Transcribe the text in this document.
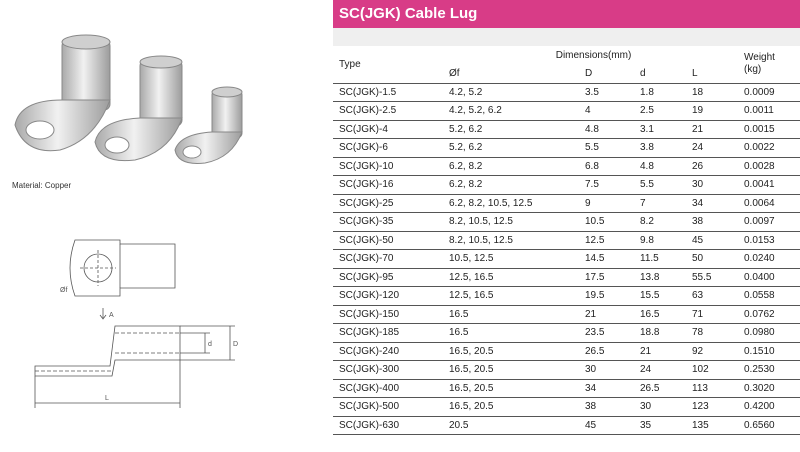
Material: Copper
Øf
A
d	D
L
SC(JGK) Cable Lug
Type	Dimensions(mm)				Weight
(kg)
	Øf	D	d	L	
SC(JGK)-1.5	4.2, 5.2	3.5	1.8	18	0.0009
SC(JGK)-2.5	4.2, 5.2, 6.2	4	2.5	19	0.0011
SC(JGK)-4	5.2, 6.2	4.8	3.1	21	0.0015
SC(JGK)-6	5.2, 6.2	5.5	3.8	24	0.0022
SC(JGK)-10	6.2, 8.2	6.8	4.8	26	0.0028
SC(JGK)-16	6.2, 8.2	7.5	5.5	30	0.0041
SC(JGK)-25	6.2, 8.2, 10.5, 12.5	9	7	34	0.0064
SC(JGK)-35	8.2, 10.5, 12.5	10.5	8.2	38	0.0097
SC(JGK)-50	8.2, 10.5, 12.5	12.5	9.8	45	0.0153
SC(JGK)-70	10.5, 12.5	14.5	11.5	50	0.0240
SC(JGK)-95	12.5, 16.5	17.5	13.8	55.5	0.0400
SC(JGK)-120	12.5, 16.5	19.5	15.5	63	0.0558
SC(JGK)-150	16.5	21	16.5	71	0.0762
SC(JGK)-185	16.5	23.5	18.8	78	0.0980
SC(JGK)-240	16.5, 20.5	26.5	21	92	0.1510
SC(JGK)-300	16.5, 20.5	30	24	102	0.2530
SC(JGK)-400	16.5, 20.5	34	26.5	113	0.3020
SC(JGK)-500	16.5, 20.5	38	30	123	0.4200
SC(JGK)-630	20.5	45	35	135	0.6560
